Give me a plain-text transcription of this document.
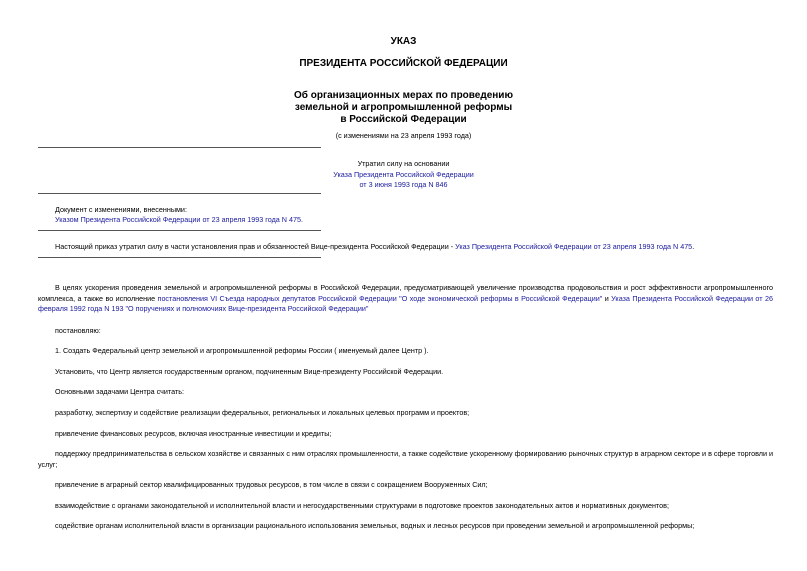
УКАЗ

ПРЕЗИДЕНТА РОССИЙСКОЙ ФЕДЕРАЦИИ

Об организационных мерах по проведению
земельной и агропромышленной реформы
в Российской Федерации

(с изменениями на 23 апреля 1993 года)

Утратил силу на основании
Указа Президента Российской Федерации
от 3 июня 1993 года N 846
Документ с изменениями, внесенными:
Указом Президента Российской Федерации от 23 апреля 1993 года N 475.
Настоящий приказ утратил силу в части установления прав и обязанностей Вице-президента Российской Федерации - Указ Президента Российской Федерации от 23 апреля 1993 года N 475.
В целях ускорения проведения земельной и агропромышленной реформы в Российской Федерации, предусматривающей увеличение производства продовольствия и рост эффективности агропромышленного комплекса, а также во исполнение постановления VI Съезда народных депутатов Российской Федерации "О ходе экономической реформы в Российской Федерации" и Указа Президента Российской Федерации от 26 февраля 1992 года N 193 "О поручениях и полномочиях Вице-президента Российской Федерации"
постановляю:
1. Создать Федеральный центр земельной и агропромышленной реформы России ( именуемый далее Центр ).
Установить, что Центр является государственным органом, подчиненным Вице-президенту Российской Федерации.
Основными задачами Центра считать:
разработку, экспертизу и содействие реализации федеральных, региональных и локальных целевых программ и проектов;
привлечение финансовых ресурсов, включая иностранные инвестиции и кредиты;
поддержку предпринимательства в сельском хозяйстве и связанных с ним отраслях промышленности, а также содействие ускоренному формированию рыночных структур в аграрном секторе и в сфере торговли и услуг;
привлечение в аграрный сектор квалифицированных трудовых ресурсов, в том числе в связи с сокращением Вооруженных Сил;
взаимодействие с органами законодательной и исполнительной власти и негосударственными структурами в подготовке проектов законодательных актов и нормативных документов;
содействие органам исполнительной власти в организации рационального использования земельных, водных и лесных ресурсов при проведении земельной и агропромышленной реформы;
